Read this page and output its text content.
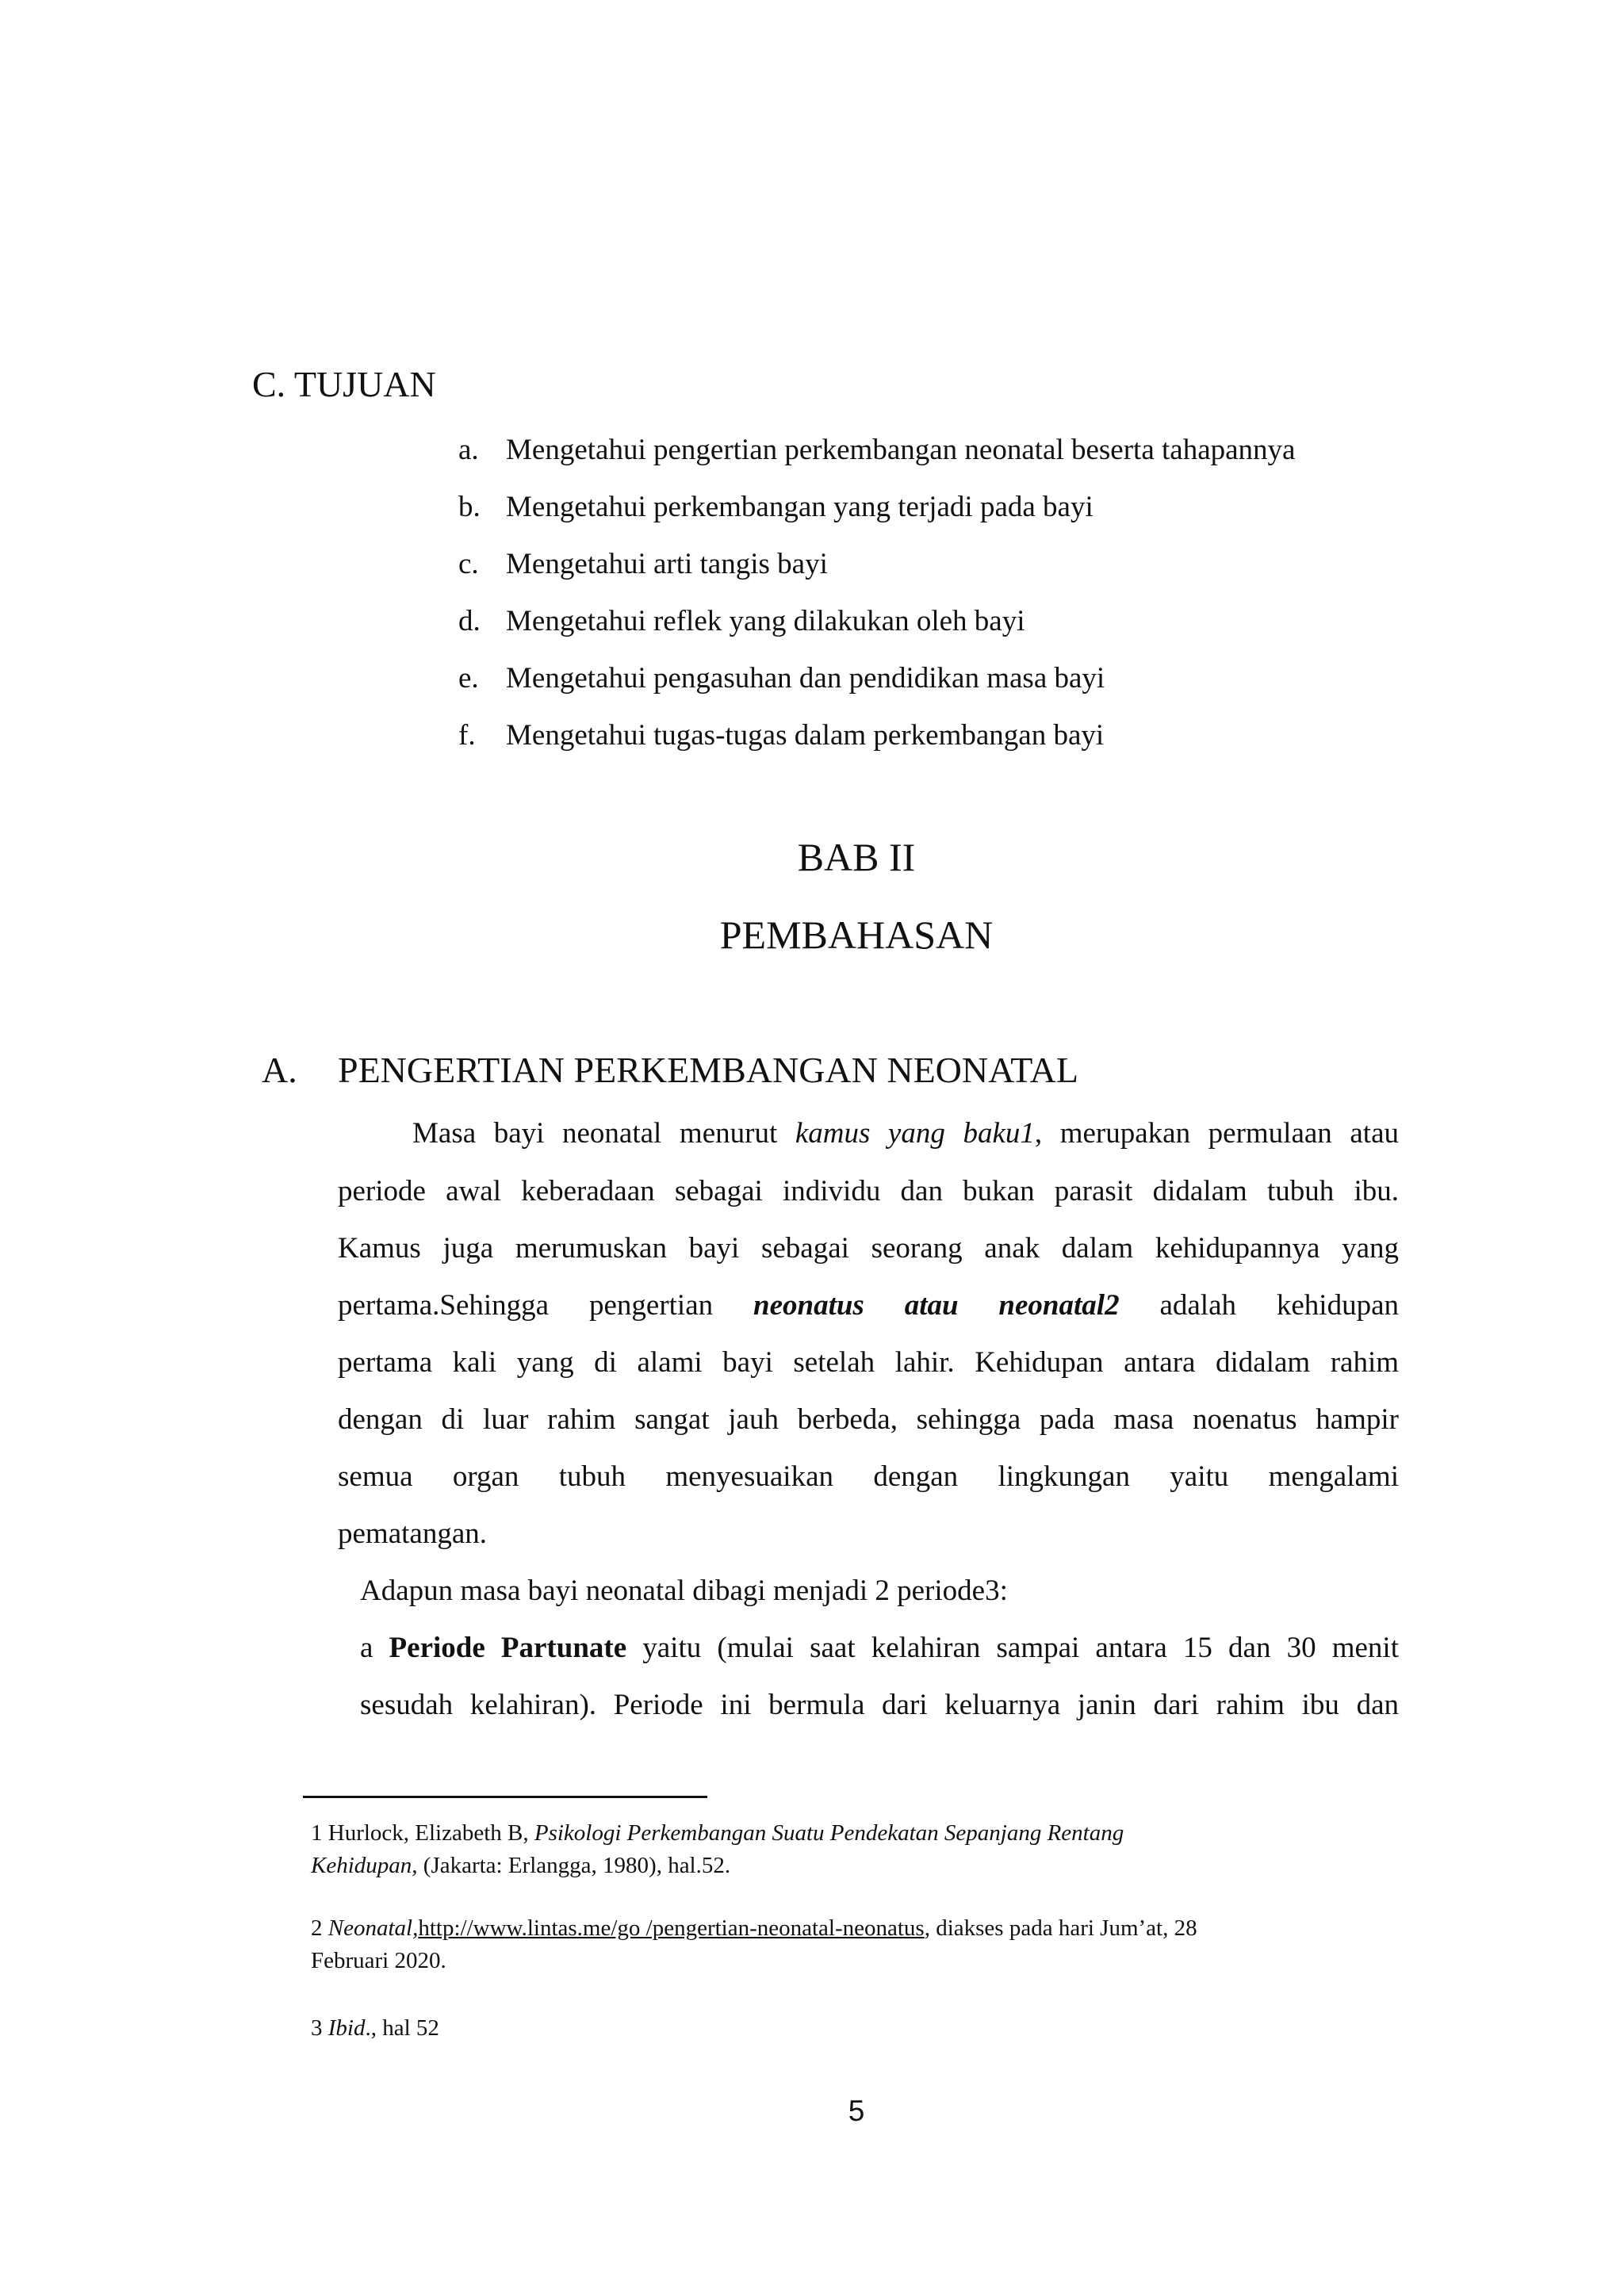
C. TUJUAN
a. Mengetahui pengertian perkembangan neonatal beserta tahapannya
b. Mengetahui perkembangan yang terjadi pada bayi
c. Mengetahui arti tangis bayi
d. Mengetahui reflek yang dilakukan oleh bayi
e. Mengetahui pengasuhan dan pendidikan masa bayi
f. Mengetahui tugas-tugas dalam perkembangan bayi
BAB II
PEMBAHASAN
A. PENGERTIAN PERKEMBANGAN NEONATAL
Masa bayi neonatal menurut kamus yang baku1, merupakan permulaan atau
periode awal keberadaan sebagai individu dan bukan parasit didalam tubuh ibu.
Kamus juga merumuskan bayi sebagai seorang anak dalam kehidupannya yang
pertama.Sehingga pengertian neonatus atau neonatal2 adalah kehidupan
pertama kali yang di alami bayi setelah lahir. Kehidupan antara didalam rahim
dengan di luar rahim sangat jauh berbeda, sehingga pada masa noenatus hampir
semua organ tubuh menyesuaikan dengan lingkungan yaitu mengalami
pematangan.
Adapun masa bayi neonatal dibagi menjadi 2 periode3:
a Periode Partunate yaitu (mulai saat kelahiran sampai antara 15 dan 30 menit
sesudah kelahiran). Periode ini bermula dari keluarnya janin dari rahim ibu dan
1 Hurlock, Elizabeth B, Psikologi Perkembangan Suatu Pendekatan Sepanjang Rentang
Kehidupan, (Jakarta: Erlangga, 1980), hal.52.
2 Neonatal,http://www.lintas.me/go /pengertian-neonatal-neonatus, diakses pada hari Jum’at, 28
Februari 2020.
3 Ibid., hal 52
5
